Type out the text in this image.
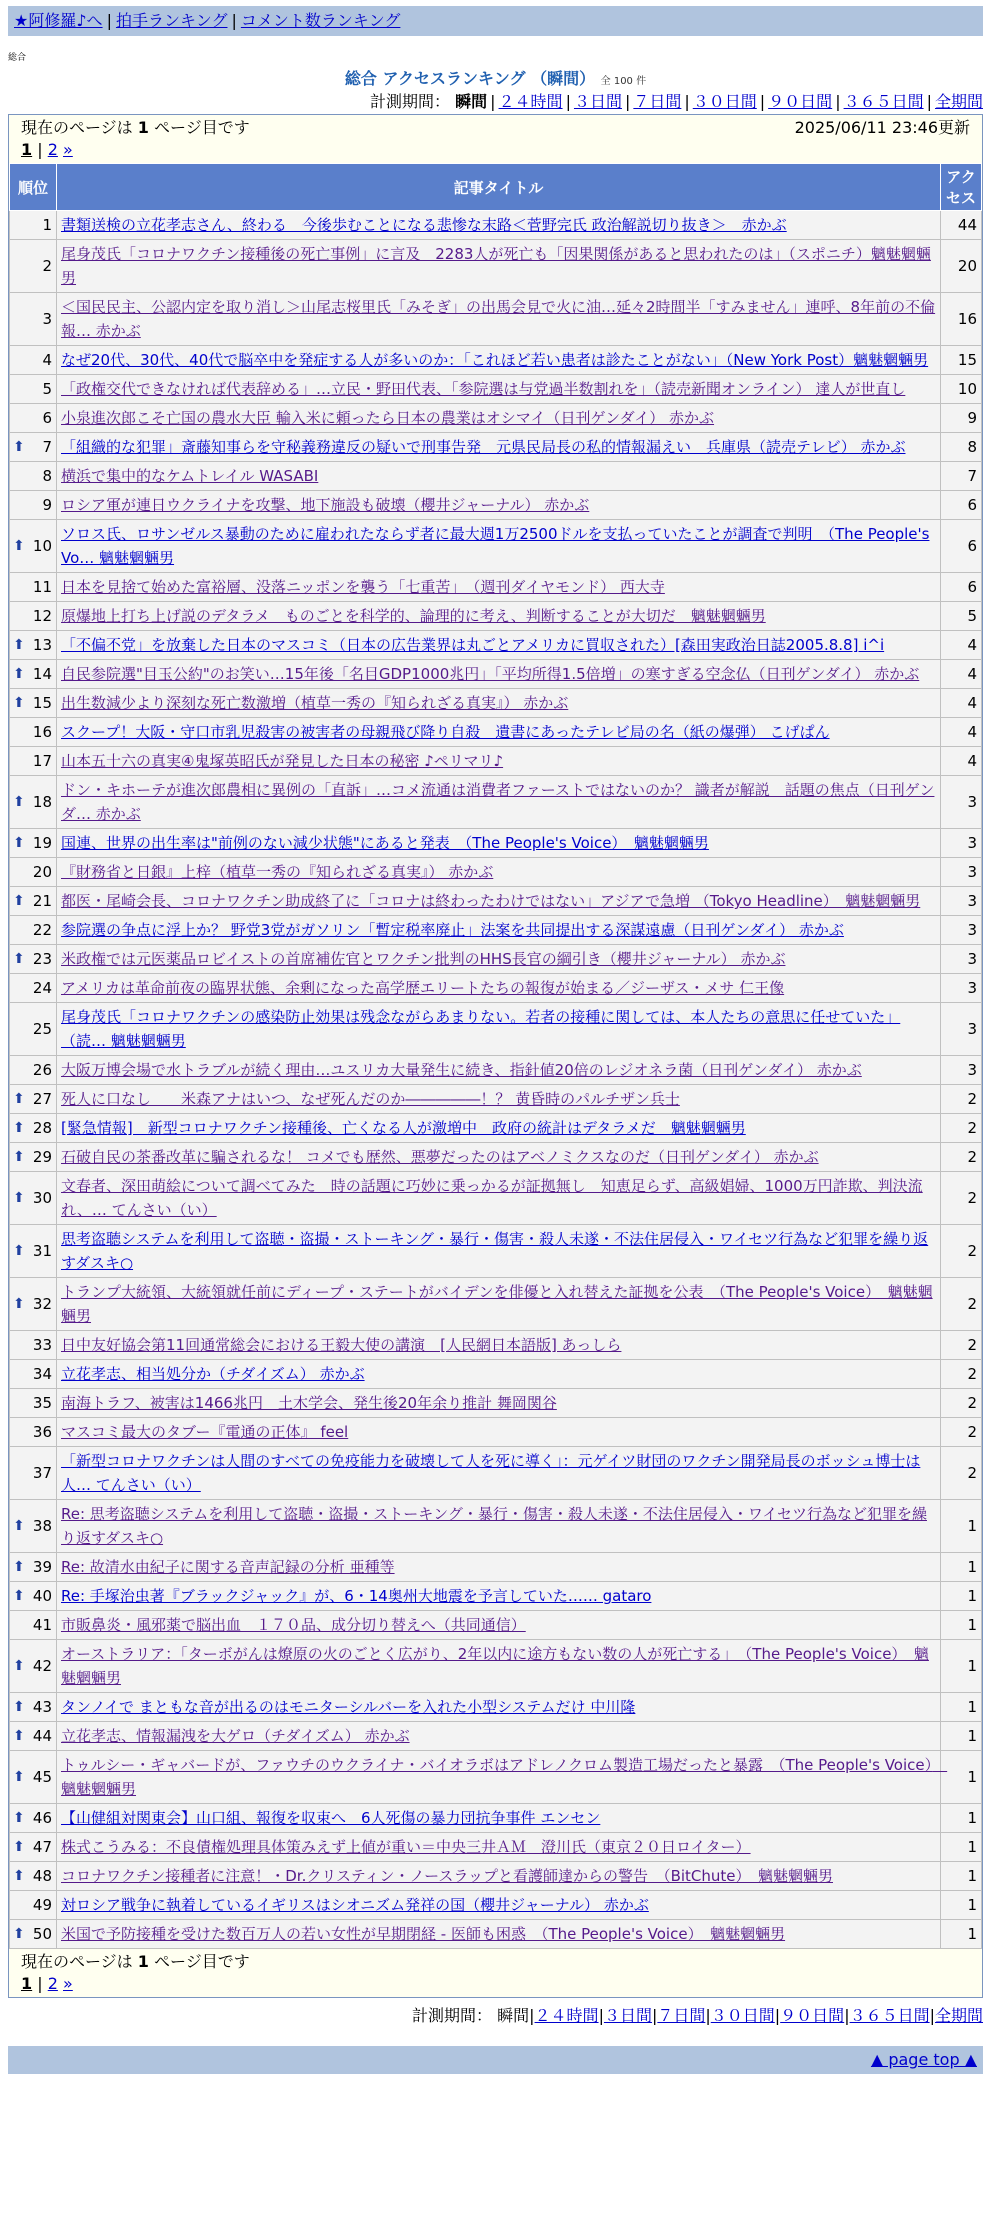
★阿修羅♪へ | 拍手ランキング | コメント数ランキング
総合
総合 アクセスランキング （瞬間） 全 100 件
計測期間： 瞬間 | ２４時間 | ３日間 | ７日間 | ３０日間 | ９０日間 | ３６５日間 | 全期間
現在のページは 1 ページ目です	2025/06/11 23:46更新
1 | 2 »
順位	記事タイトル	アクセス
1	書類送検の立花孝志さん、終わる　今後歩むことになる悲惨な末路＜菅野完氏 政治解説切り抜き＞　赤かぶ	44
2	尾身茂氏「コロナワクチン接種後の死亡事例」に言及　2283人が死亡も「因果関係があると思われたのは」（スポニチ）魑魅魍魎男	20
3	＜国民民主、公認内定を取り消し＞山尾志桜里氏「みそぎ」の出馬会見で火に油…延々2時間半「すみません」連呼、8年前の不倫報… 赤かぶ	16
4	なぜ20代、30代、40代で脳卒中を発症する人が多いのか：「これほど若い患者は診たことがない」（New York Post）魑魅魍魎男	15
5	「政権交代できなければ代表辞める」…立民・野田代表、「参院選は与党過半数割れを」（読売新聞オンライン） 達人が世直し	10
6	小泉進次郎こそ亡国の農水大臣 輸入米に頼ったら日本の農業はオシマイ（日刊ゲンダイ） 赤かぶ	9

⬆ 7	「組織的な犯罪」斎藤知事らを守秘義務違反の疑いで刑事告発　元県民局長の私的情報漏えい　兵庫県（読売テレビ） 赤かぶ	8
8	横浜で集中的なケムトレイル WASABI	7
9	ロシア軍が連日ウクライナを攻撃、地下施設も破壊（櫻井ジャーナル） 赤かぶ	6

⬆ 10	ソロス氏、ロサンゼルス暴動のために雇われたならず者に最大週1万2500ドルを支払っていたことが調査で判明　（The People's Vo… 魑魅魍魎男	6
11	日本を見捨て始めた富裕層、没落ニッポンを襲う「七重苦」　（週刊ダイヤモンド） 西大寺	6
12	原爆地上打ち上げ説のデタラメ　ものごとを科学的、論理的に考え、判断することが大切だ　魑魅魍魎男	5

⬆ 13	「不偏不党」を放棄した日本のマスコミ（日本の広告業界は丸ごとアメリカに買収された）[森田実政治日誌2005.8.8] i^i	4

⬆ 14	自民参院選"目玉公約"のお笑い…15年後「名目GDP1000兆円」「平均所得1.5倍増」の寒すぎる空念仏（日刊ゲンダイ） 赤かぶ	4

⬆ 15	出生数減少より深刻な死亡数激増（植草一秀の『知られざる真実』） 赤かぶ	4
16	スクープ！大阪・守口市乳児殺害の被害者の母親飛び降り自殺　遺書にあったテレビ局の名（紙の爆弾） こげぱん	4
17	山本五十六の真実④鬼塚英昭氏が発見した日本の秘密 ♪ペリマリ♪	4

⬆ 18	ドン・キホーテが進次郎農相に異例の「直訴」…コメ流通は消費者ファーストではないのか？ 識者が解説　話題の焦点（日刊ゲンダ… 赤かぶ	3

⬆ 19	国連、世界の出生率は"前例のない減少状態"にあると発表　（The People's Voice）　魑魅魍魎男	3
20	『財務省と日銀』上梓（植草一秀の『知られざる真実』） 赤かぶ	3

⬆ 21	都医・尾崎会長、コロナワクチン助成終了に「コロナは終わったわけではない」アジアで急増 （Tokyo Headline）　魑魅魍魎男	3
22	参院選の争点に浮上か？ 野党3党がガソリン「暫定税率廃止」法案を共同提出する深謀遠慮（日刊ゲンダイ） 赤かぶ	3

⬆ 23	米政権では元医薬品ロビイストの首席補佐官とワクチン批判のHHS長官の綱引き（櫻井ジャーナル） 赤かぶ	3
24	アメリカは革命前夜の臨界状態、余剰になった高学歴エリートたちの報復が始まる／ジーザス・メサ 仁王像	3
25	尾身茂氏「コロナワクチンの感染防止効果は残念ながらあまりない。若者の接種に関しては、本人たちの意思に任せていた」（読… 魑魅魍魎男	3
26	大阪万博会場で水トラブルが続く理由…ユスリカ大量発生に続き、指針値20倍のレジオネラ菌（日刊ゲンダイ） 赤かぶ	3

⬆ 27	死人に口なし　　米森アナはいつ、なぜ死んだのか―――――！？ 黄昏時のパルチザン兵士	2

⬆ 28	[緊急情報]　新型コロナワクチン接種後、亡くなる人が激増中　政府の統計はデタラメだ　魑魅魍魎男	2

⬆ 29	石破自民の茶番改革に騙されるな！ コメでも歴然、悪夢だったのはアベノミクスなのだ（日刊ゲンダイ） 赤かぶ	2

⬆ 30	文春者、深田萌絵について調べてみた　時の話題に巧妙に乗っかるが証拠無し　知恵足らず、高級娼婦、1000万円詐欺、判決流れ、… てんさい（い）	2

⬆ 31	思考盗聴システムを利用して盗聴・盗撮・ストーキング・暴行・傷害・殺人未遂・不法住居侵入・ワイセツ行為など犯罪を繰り返すダスキ○	2

⬆ 32	トランプ大統領、大統領就任前にディープ・ステートがバイデンを俳優と入れ替えた証拠を公表　（The People's Voice）　魑魅魍魎男	2
33	日中友好協会第11回通常総会における王毅大使の講演　[人民網日本語版] あっしら	2
34	立花孝志、相当処分か（チダイズム） 赤かぶ	2
35	南海トラフ、被害は1466兆円　土木学会、発生後20年余り推計 舞岡関谷	2
36	マスコミ最大のタブー『電通の正体』 feel	2
37	「新型コロナワクチンは人間のすべての免疫能力を破壊して人を死に導く」：元ゲイツ財団のワクチン開発局長のボッシュ博士は人… てんさい（い）	2

⬆ 38	Re: 思考盗聴システムを利用して盗聴・盗撮・ストーキング・暴行・傷害・殺人未遂・不法住居侵入・ワイセツ行為など犯罪を繰り返すダスキ○	1

⬆ 39	Re: 故清水由紀子に関する音声記録の分析 亜種等	1

⬆ 40	Re: 手塚治虫著『ブラックジャック』が、6・14奥州大地震を予言していた…… gataro	1
41	市販鼻炎・風邪薬で脳出血　１７０品、成分切り替えへ（共同通信）	1

⬆ 42	オーストラリア：「ターボがんは燎原の火のごとく広がり、2年以内に途方もない数の人が死亡する」　（The People's Voice）　魑魅魍魎男	1

⬆ 43	タンノイで まともな音が出るのはモニターシルバーを入れた小型システムだけ 中川隆	1

⬆ 44	立花孝志、情報漏洩を大ゲロ（チダイズム） 赤かぶ	1

⬆ 45	トゥルシー・ギャバードが、ファウチのウクライナ・バイオラボはアドレノクロム製造工場だったと暴露　（The People's Voice）　魑魅魍魎男	1

⬆ 46	【山健組対関東会】山口組、報復を収束へ　6人死傷の暴力団抗争事件 エンセン	1

⬆ 47	株式こうみる：不良債権処理具体策みえず上値が重い＝中央三井ＡＭ　澄川氏（東京２０日ロイター）	1

⬆ 48	コロナワクチン接種者に注意！・Dr.クリスティン・ノースラップと看護師達からの警告　（BitChute）　魑魅魍魎男	1
49	対ロシア戦争に執着しているイギリスはシオニズム発祥の国（櫻井ジャーナル） 赤かぶ	1

⬆ 50	米国で予防接種を受けた数百万人の若い女性が早期閉経 - 医師も困惑　（The People's Voice）　魑魅魍魎男	1
現在のページは 1 ページ目です
1 | 2 »
計測期間： 瞬間|２４時間|３日間|７日間|３０日間|９０日間|３６５日間|全期間
▲ page top ▲
